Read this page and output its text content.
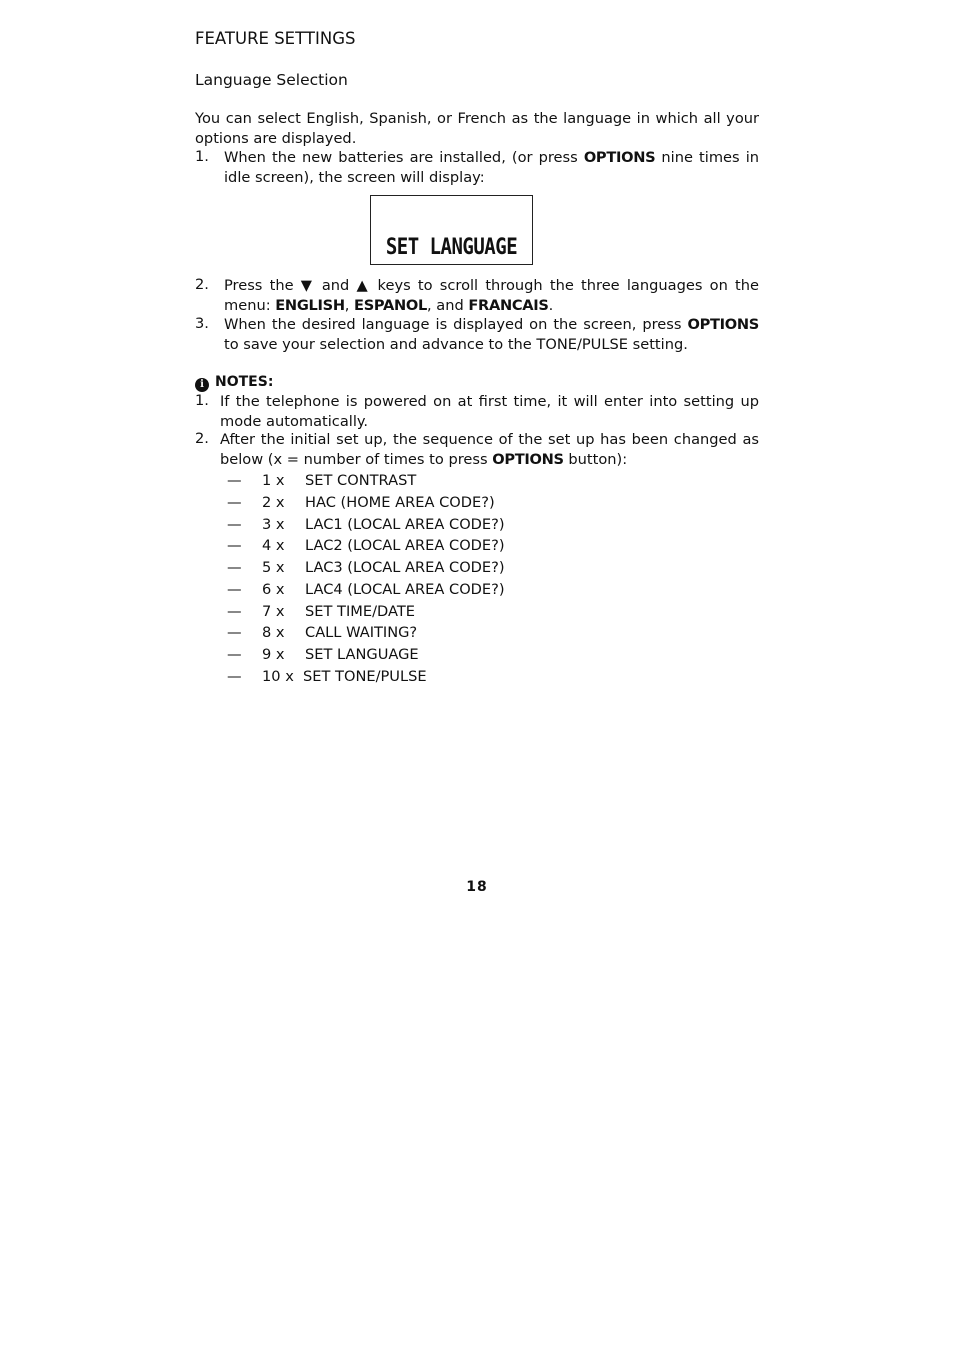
FEATURE SETTINGS
Language Selection
You can select English, Spanish, or French as the language in which all your options are displayed.
1. When the new batteries are installed, (or press OPTIONS nine times in idle screen), the screen will display:
SET LANGUAGE
2. Press the ▼ and ▲ keys to scroll through the three languages on the menu: ENGLISH, ESPANOL, and FRANCAIS.
3. When the desired language is displayed on the screen, press OPTIONS to save your selection and advance to the TONE/PULSE setting.
i NOTES:
1. If the telephone is powered on at first time, it will enter into setting up mode automatically.
2. After the initial set up, the sequence of the set up has been changed as below (x = number of times to press OPTIONS button):
— 1 x SET CONTRAST
— 2 x HAC (HOME AREA CODE?)
— 3 x LAC1 (LOCAL AREA CODE?)
— 4 x LAC2 (LOCAL AREA CODE?)
— 5 x LAC3 (LOCAL AREA CODE?)
— 6 x LAC4 (LOCAL AREA CODE?)
— 7 x SET TIME/DATE
— 8 x CALL WAITING?
— 9 x SET LANGUAGE
— 10 x SET TONE/PULSE
18
